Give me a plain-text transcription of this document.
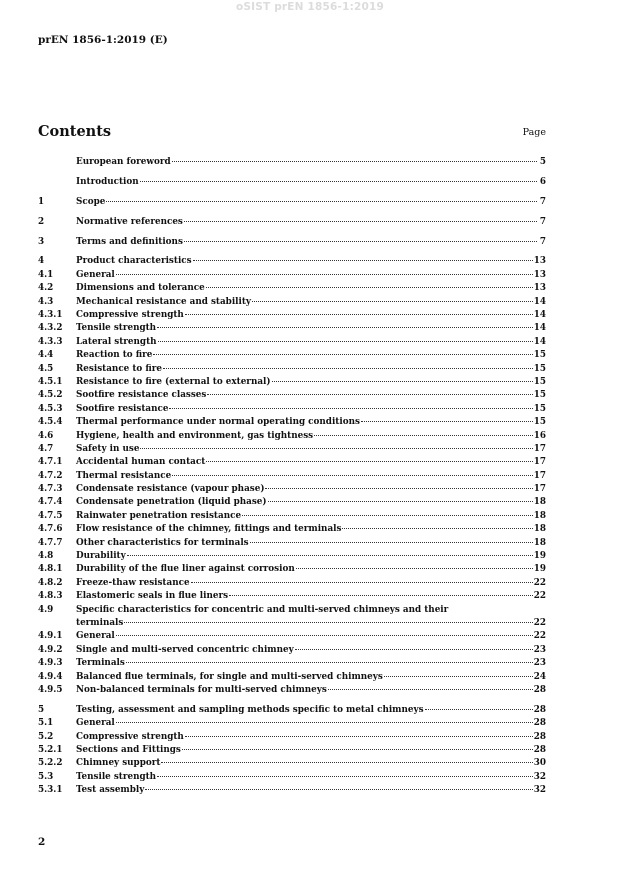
oSIST prEN 1856-1:2019
prEN 1856-1:2019 (E)
Contents	Page
European foreword	5
Introduction	6
1	Scope	7
2	Normative references	7
3	Terms and definitions	7
4	Product characteristics	13
4.1	General	13
4.2	Dimensions and tolerance	13
4.3	Mechanical resistance and stability	14
4.3.1	Compressive strength	14
4.3.2	Tensile strength	14
4.3.3	Lateral strength	14
4.4	Reaction to fire	15
4.5	Resistance to fire	15
4.5.1	Resistance to fire (external to external)	15
4.5.2	Sootfire resistance classes	15
4.5.3	Sootfire resistance	15
4.5.4	Thermal performance under normal operating conditions	15
4.6	Hygiene, health and environment, gas tightness	16
4.7	Safety in use	17
4.7.1	Accidental human contact	17
4.7.2	Thermal resistance	17
4.7.3	Condensate resistance (vapour phase)	17
4.7.4	Condensate penetration (liquid phase)	18
4.7.5	Rainwater penetration resistance	18
4.7.6	Flow resistance of the chimney, fittings and terminals	18
4.7.7	Other characteristics for terminals	18
4.8	Durability	19
4.8.1	Durability of the flue liner against corrosion	19
4.8.2	Freeze-thaw resistance	22
4.8.3	Elastomeric seals in flue liners	22
4.9	Specific characteristics for concentric and multi-served chimneys and their
terminals	22
4.9.1	General	22
4.9.2	Single and multi-served concentric chimney	23
4.9.3	Terminals	23
4.9.4	Balanced flue terminals, for single and multi-served chimneys	24
4.9.5	Non-balanced terminals for multi-served chimneys	28
5	Testing, assessment and sampling methods specific to metal chimneys	28
5.1	General	28
5.2	Compressive strength	28
5.2.1	Sections and Fittings	28
5.2.2	Chimney support	30
5.3	Tensile strength	32
5.3.1	Test assembly	32
2
